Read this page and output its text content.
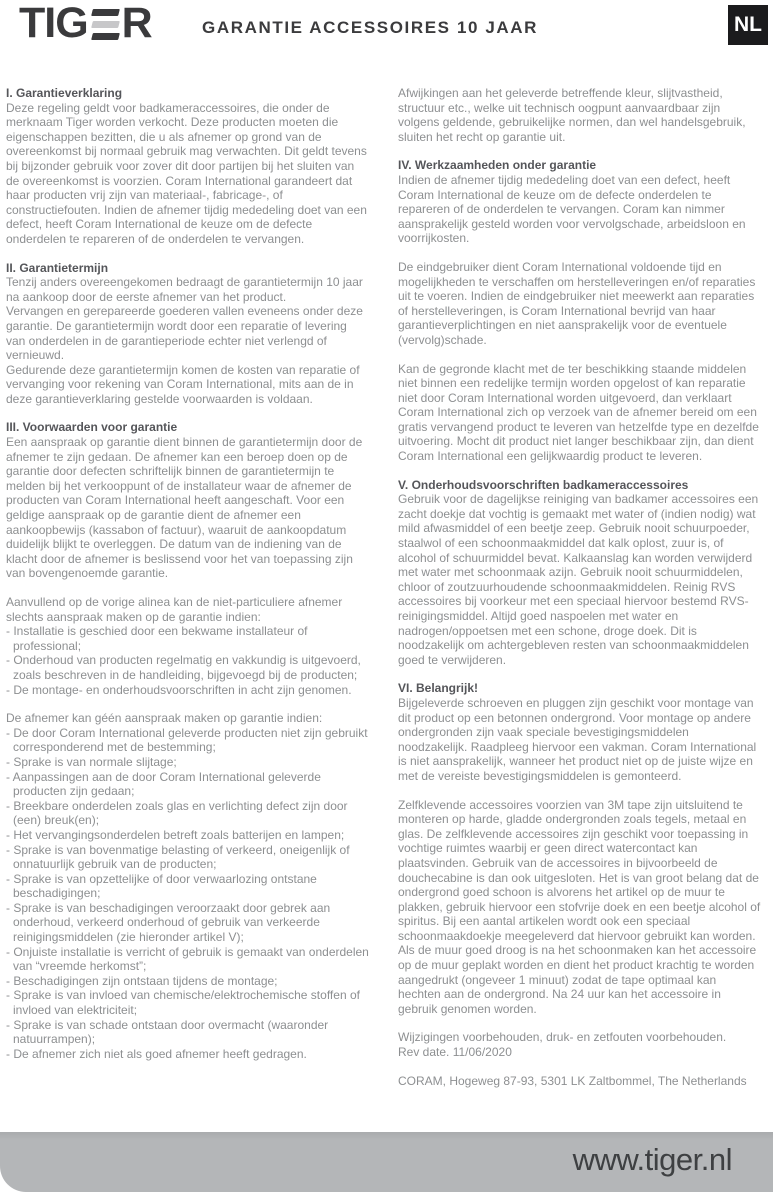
TIG R	GARANTIE ACCESSOIRES 10 JAAR	NL
I. Garantieverklaring
Deze regeling geldt voor badkameraccessoires, die onder de merknaam Tiger worden verkocht. Deze producten moeten die eigenschappen bezitten, die u als afnemer op grond van de overeenkomst bij normaal gebruik mag verwachten. Dit geldt tevens bij bijzonder gebruik voor zover dit door partijen bij het sluiten van de overeenkomst is voorzien. Coram International garandeert dat haar producten vrij zijn van materiaal-, fabricage-, of constructiefouten. Indien de afnemer tijdig mededeling doet van een defect, heeft Coram International de keuze om de defecte onderdelen te repareren of de onderdelen te vervangen.
II. Garantietermijn
Tenzij anders overeengekomen bedraagt de garantietermijn 10 jaar na aankoop door de eerste afnemer van het product.
Vervangen en gerepareerde goederen vallen eveneens onder deze garantie. De garantietermijn wordt door een reparatie of levering van onderdelen in de garantieperiode echter niet verlengd of vernieuwd.
Gedurende deze garantietermijn komen de kosten van reparatie of vervanging voor rekening van Coram International, mits aan de in deze garantieverklaring gestelde voorwaarden is voldaan.
III. Voorwaarden voor garantie
Een aanspraak op garantie dient binnen de garantietermijn door de afnemer te zijn gedaan. De afnemer kan een beroep doen op de garantie door defecten schriftelijk binnen de garantietermijn te melden bij het verkooppunt of de installateur waar de afnemer de producten van Coram International heeft aangeschaft. Voor een geldige aanspraak op de garantie dient de afnemer een aankoopbewijs (kassabon of factuur), waaruit de aankoopdatum duidelijk blijkt te overleggen. De datum van de indiening van de klacht door de afnemer is beslissend voor het van toepassing zijn van bovengenoemde garantie.
Aanvullend op de vorige alinea kan de niet-particuliere afnemer slechts aanspraak maken op de garantie indien:
- Installatie is geschied door een bekwame installateur of professional;
- Onderhoud van producten regelmatig en vakkundig is uitgevoerd, zoals beschreven in de handleiding, bijgevoegd bij de producten;
- De montage- en onderhoudsvoorschriften in acht zijn genomen.
De afnemer kan géén aanspraak maken op garantie indien:
- De door Coram International geleverde producten niet zijn gebruikt corresponderend met de bestemming;
- Sprake is van normale slijtage;
- Aanpassingen aan de door Coram International geleverde producten zijn gedaan;
- Breekbare onderdelen zoals glas en verlichting defect zijn door (een) breuk(en);
- Het vervangingsonderdelen betreft zoals batterijen en lampen;
- Sprake is van bovenmatige belasting of verkeerd, oneigenlijk of onnatuurlijk gebruik van de producten;
- Sprake is van opzettelijke of door verwaarlozing ontstane beschadigingen;
- Sprake is van beschadigingen veroorzaakt door gebrek aan onderhoud, verkeerd onderhoud of gebruik van verkeerde reinigingsmiddelen (zie hieronder artikel V);
- Onjuiste installatie is verricht of gebruik is gemaakt van onderdelen van “vreemde herkomst”;
- Beschadigingen zijn ontstaan tijdens de montage;
- Sprake is van invloed van chemische/elektrochemische stoffen of invloed van elektriciteit;
- Sprake is van schade ontstaan door overmacht (waaronder natuurrampen);
- De afnemer zich niet als goed afnemer heeft gedragen.
Afwijkingen aan het geleverde betreffende kleur, slijtvastheid, structuur etc., welke uit technisch oogpunt aanvaardbaar zijn volgens geldende, gebruikelijke normen, dan wel handelsgebruik, sluiten het recht op garantie uit.
IV. Werkzaamheden onder garantie
Indien de afnemer tijdig mededeling doet van een defect, heeft Coram International de keuze om de defecte onderdelen te repareren of de onderdelen te vervangen. Coram kan nimmer aansprakelijk gesteld worden voor vervolgschade, arbeidsloon en voorrijkosten.
De eindgebruiker dient Coram International voldoende tijd en mogelijkheden te verschaffen om herstelleveringen en/of reparaties uit te voeren. Indien de eindgebruiker niet meewerkt aan reparaties of herstelleveringen, is Coram International bevrijd van haar garantieverplichtingen en niet aansprakelijk voor de eventuele (vervolg)schade.
Kan de gegronde klacht met de ter beschikking staande middelen niet binnen een redelijke termijn worden opgelost of kan reparatie niet door Coram International worden uitgevoerd, dan verklaart Coram International zich op verzoek van de afnemer bereid om een gratis vervangend product te leveren van hetzelfde type en dezelfde uitvoering. Mocht dit product niet langer beschikbaar zijn, dan dient Coram International een gelijkwaardig product te leveren.
V. Onderhoudsvoorschriften badkameraccessoires
Gebruik voor de dagelijkse reiniging van badkamer accessoires een zacht doekje dat vochtig is gemaakt met water of (indien nodig) wat mild afwasmiddel of een beetje zeep. Gebruik nooit schuurpoeder, staalwol of een schoonmaakmiddel dat kalk oplost, zuur is, of alcohol of schuurmiddel bevat. Kalkaanslag kan worden verwijderd met water met schoonmaak azijn. Gebruik nooit schuurmiddelen, chloor of zoutzuurhoudende schoonmaakmiddelen. Reinig RVS accessoires bij voorkeur met een speciaal hiervoor bestemd RVS-reinigingsmiddel. Altijd goed naspoelen met water en nadrogen/oppoetsen met een schone, droge doek. Dit is noodzakelijk om achtergebleven resten van schoonmaakmiddelen goed te verwijderen.
VI. Belangrijk!
Bijgeleverde schroeven en pluggen zijn geschikt voor montage van dit product op een betonnen ondergrond. Voor montage op andere ondergronden zijn vaak speciale bevestigingsmiddelen noodzakelijk. Raadpleeg hiervoor een vakman. Coram International is niet aansprakelijk, wanneer het product niet op de juiste wijze en met de vereiste bevestigingsmiddelen is gemonteerd.
Zelfklevende accessoires voorzien van 3M tape zijn uitsluitend te monteren op harde, gladde ondergronden zoals tegels, metaal en glas. De zelfklevende accessoires zijn geschikt voor toepassing in vochtige ruimtes waarbij er geen direct watercontact kan plaatsvinden. Gebruik van de accessoires in bijvoorbeeld de douchecabine is dan ook uitgesloten. Het is van groot belang dat de ondergrond goed schoon is alvorens het artikel op de muur te plakken, gebruik hiervoor een stofvrije doek en een beetje alcohol of spiritus. Bij een aantal artikelen wordt ook een speciaal schoonmaakdoekje meegeleverd dat hiervoor gebruikt kan worden. Als de muur goed droog is na het schoonmaken kan het accessoire op de muur geplakt worden en dient het product krachtig te worden aangedrukt (ongeveer 1 minuut) zodat de tape optimaal kan hechten aan de ondergrond. Na 24 uur kan het accessoire in gebruik genomen worden.
Wijzigingen voorbehouden, druk- en zetfouten voorbehouden.
Rev date. 11/06/2020
CORAM, Hogeweg 87-93, 5301 LK Zaltbommel, The Netherlands
www.tiger.nl
